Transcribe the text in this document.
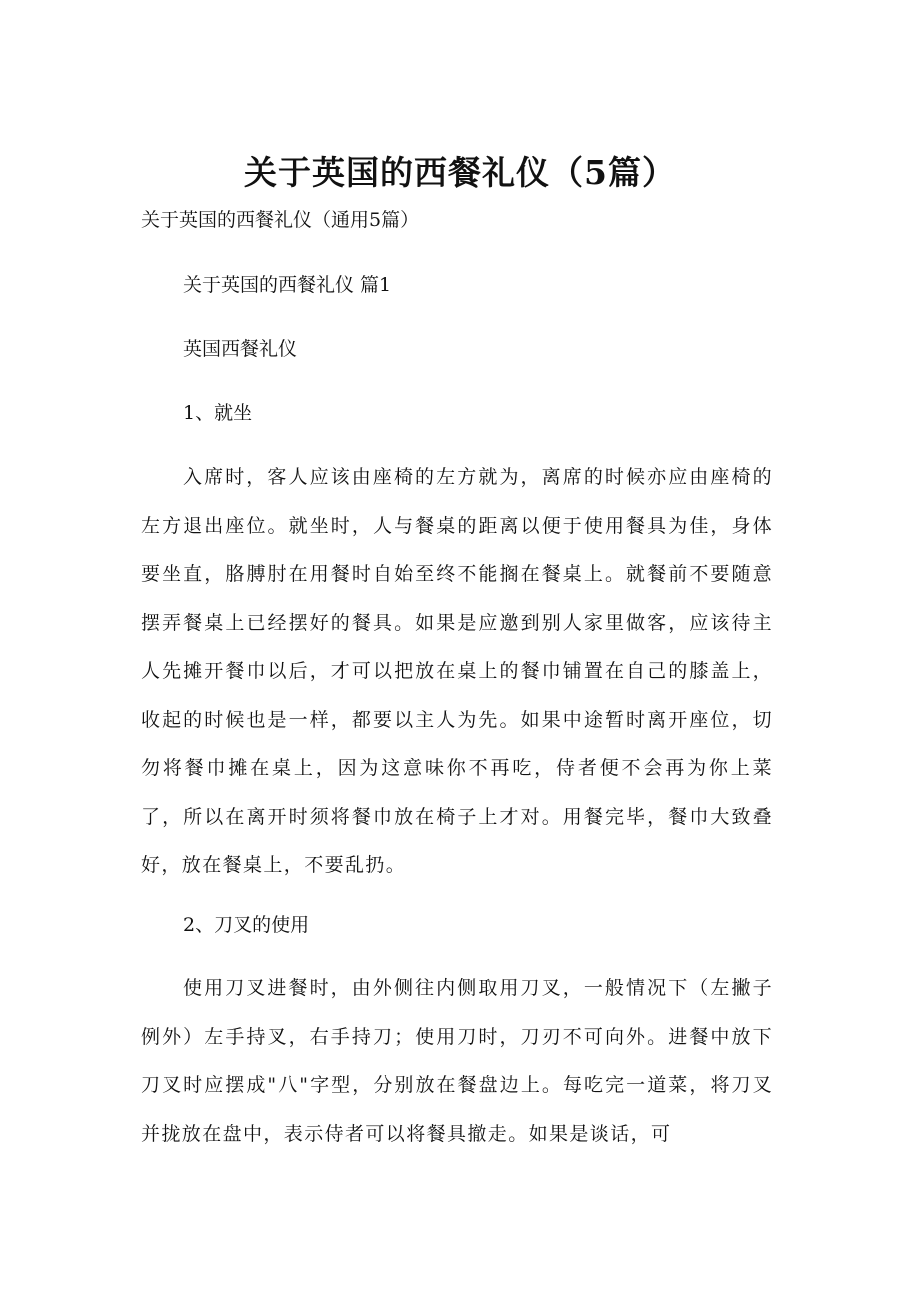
关于英国的西餐礼仪（5篇）
关于英国的西餐礼仪（通用5篇）
关于英国的西餐礼仪 篇1
英国西餐礼仪
1、就坐
入席时，客人应该由座椅的左方就为，离席的时候亦应由座椅的左方退出座位。就坐时，人与餐桌的距离以便于使用餐具为佳，身体要坐直，胳膊肘在用餐时自始至终不能搁在餐桌上。就餐前不要随意摆弄餐桌上已经摆好的餐具。如果是应邀到别人家里做客，应该待主人先摊开餐巾以后，才可以把放在桌上的餐巾铺置在自己的膝盖上，收起的时候也是一样，都要以主人为先。如果中途暂时离开座位，切勿将餐巾摊在桌上，因为这意味你不再吃，侍者便不会再为你上菜了，所以在离开时须将餐巾放在椅子上才对。用餐完毕，餐巾大致叠好，放在餐桌上，不要乱扔。
2、刀叉的使用
使用刀叉进餐时，由外侧往内侧取用刀叉，一般情况下（左撇子例外）左手持叉，右手持刀；使用刀时，刀刃不可向外。进餐中放下刀叉时应摆成"八"字型，分别放在餐盘边上。每吃完一道菜，将刀叉并拢放在盘中，表示侍者可以将餐具撤走。如果是谈话，可
